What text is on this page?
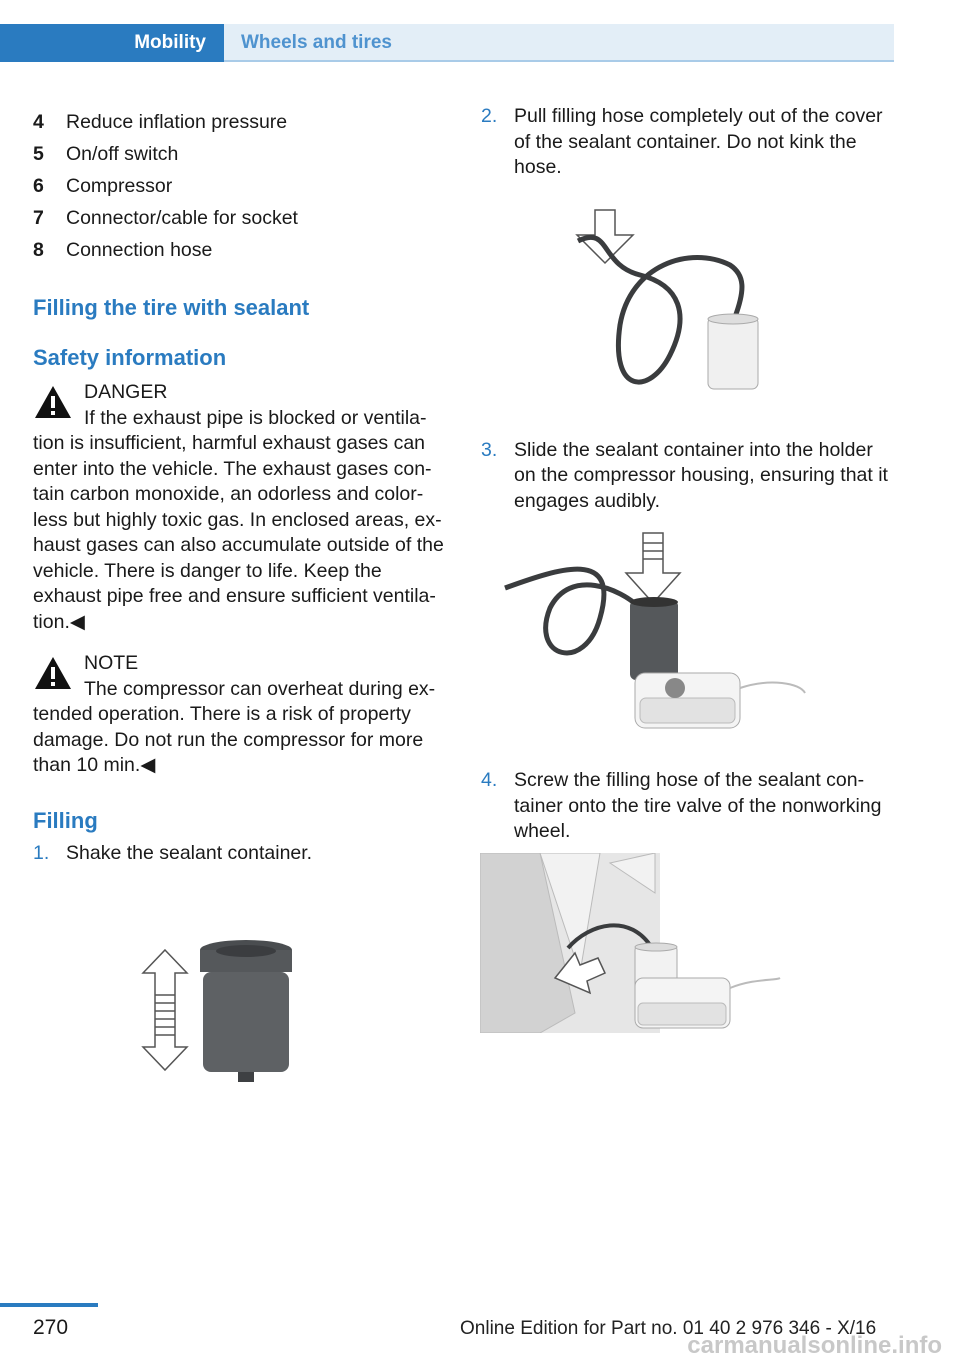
Mobility	Wheels and tires
4	Reduce inflation pressure
5	On/off switch
6	Compressor
7	Connector/cable for socket
8	Connection hose
Filling the tire with sealant
Safety information
DANGER
If the exhaust pipe is blocked or ventila-
tion is insufficient, harmful exhaust gases can enter into the vehicle. The exhaust gases con- tain carbon monoxide, an odorless and color- less but highly toxic gas. In enclosed areas, ex- haust gases can also accumulate outside of the vehicle. There is danger to life. Keep the exhaust pipe free and ensure sufficient ventila- tion.◀
NOTE
The compressor can overheat during ex-
tended operation. There is a risk of property damage. Do not run the compressor for more than 10 min.◀
Filling
1. Shake the sealant container.
2. Pull filling hose completely out of the cover of the sealant container. Do not kink the hose.
3. Slide the sealant container into the holder on the compressor housing, ensuring that it engages audibly.
4. Screw the filling hose of the sealant con- tainer onto the tire valve of the nonworking wheel.
270	Online Edition for Part no. 01 40 2 976 346 - X/16
carmanualsonline.info
